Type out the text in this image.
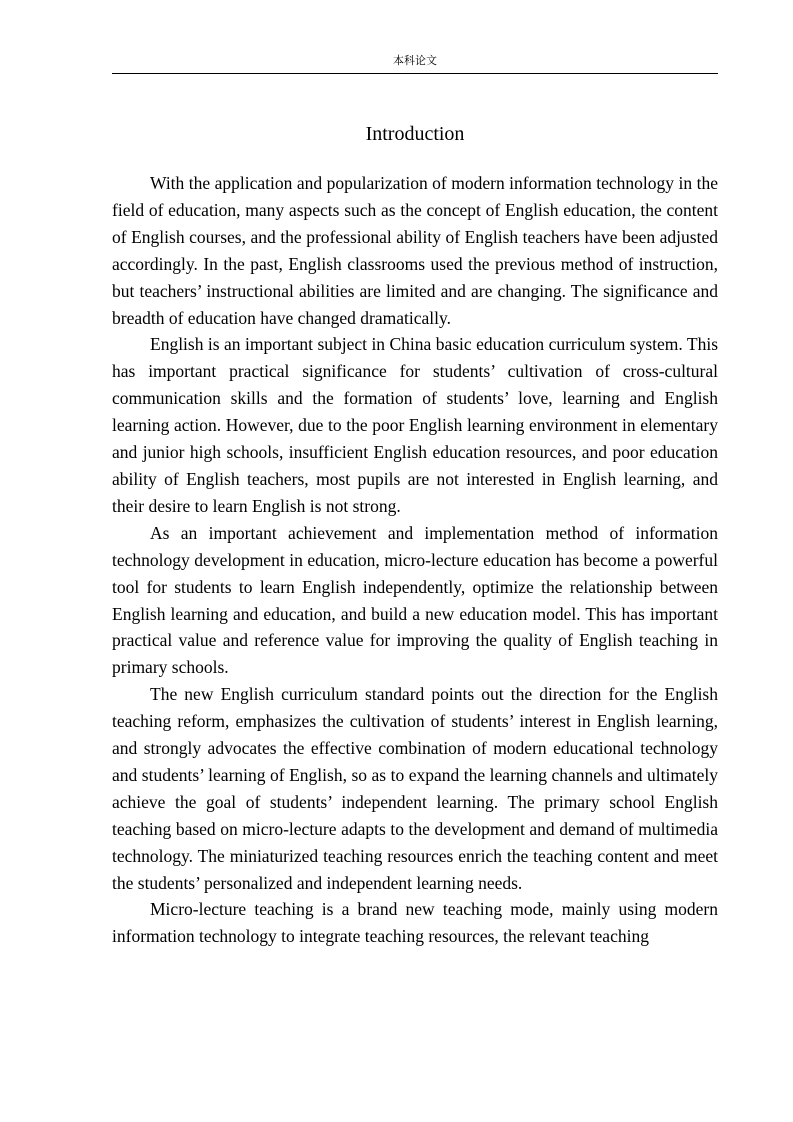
本科论文
Introduction

With the application and popularization of modern information technology in the field of education, many aspects such as the concept of English education, the content of English courses, and the professional ability of English teachers have been adjusted accordingly. In the past, English classrooms used the previous method of instruction, but teachers’ instructional abilities are limited and are changing. The significance and breadth of education have changed dramatically.

English is an important subject in China basic education curriculum system. This has important practical significance for students’ cultivation of cross-cultural communication skills and the formation of students’ love, learning and English learning action. However, due to the poor English learning environment in elementary and junior high schools, insufficient English education resources, and poor education ability of English teachers, most pupils are not interested in English learning, and their desire to learn English is not strong.

As an important achievement and implementation method of information technology development in education, micro-lecture education has become a powerful tool for students to learn English independently, optimize the relationship between English learning and education, and build a new education model. This has important practical value and reference value for improving the quality of English teaching in primary schools.

The new English curriculum standard points out the direction for the English teaching reform, emphasizes the cultivation of students’ interest in English learning, and strongly advocates the effective combination of modern educational technology and students’ learning of English, so as to expand the learning channels and ultimately achieve the goal of students’ independent learning. The primary school English teaching based on micro-lecture adapts to the development and demand of multimedia technology. The miniaturized teaching resources enrich the teaching content and meet the students’ personalized and independent learning needs.

Micro-lecture teaching is a brand new teaching mode, mainly using modern information technology to integrate teaching resources, the relevant teaching
